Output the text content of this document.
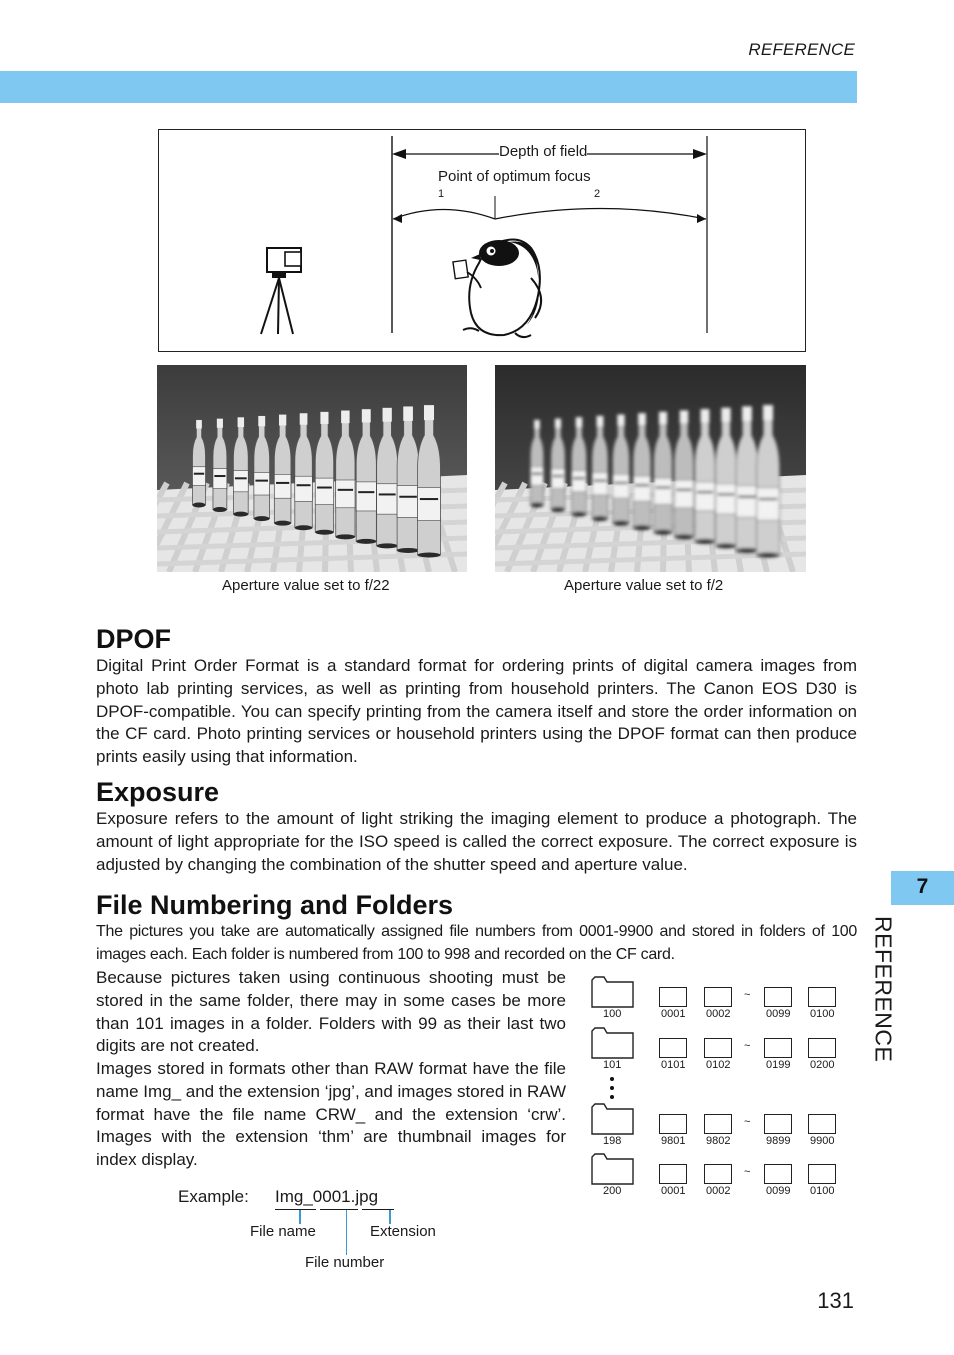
REFERENCE
Depth of field
Point of optimum focus
1	2
Aperture value set to f/22	Aperture value set to f/2
DPOF

Digital Print Order Format is a standard format for ordering prints of digital camera images from photo lab printing services, as well as printing from household printers. The Canon EOS D30 is DPOF-compatible. You can specify printing from the camera itself and store the order information on the CF card. Photo printing services or household printers using the DPOF format can then produce prints easily using that information.

Exposure

Exposure refers to the amount of light striking the imaging element to produce a photograph. The amount of light appropriate for the ISO speed is called the correct exposure. The correct exposure is adjusted by changing the combination of the shutter speed and aperture value.

File Numbering and Folders

The pictures you take are automatically assigned file numbers from 0001-9900 and stored in folders of 100 images each. Each folder is numbered from 100 to 998 and recorded on the CF card.

Because pictures taken using continuous shooting must be stored in the same folder, there may in some cases be more than 101 images in a folder. Folders with 99 as their last two digits are not created.

Images stored in formats other than RAW format have the file name Img_ and the extension ‘jpg’, and images stored in RAW format have the file name CRW_ and the extension ‘crw’. Images with the extension ‘thm’ are thumbnail images for index display.

Example: Img_0001.jpg
File name	Extension
File number
100	0001 0002	0099 0100
~
101	0101 0102	0199 0200
~
198	9801 9802	9899 9900
~
200	0001 0002	0099 0100
~
7
REFERENCE
131
